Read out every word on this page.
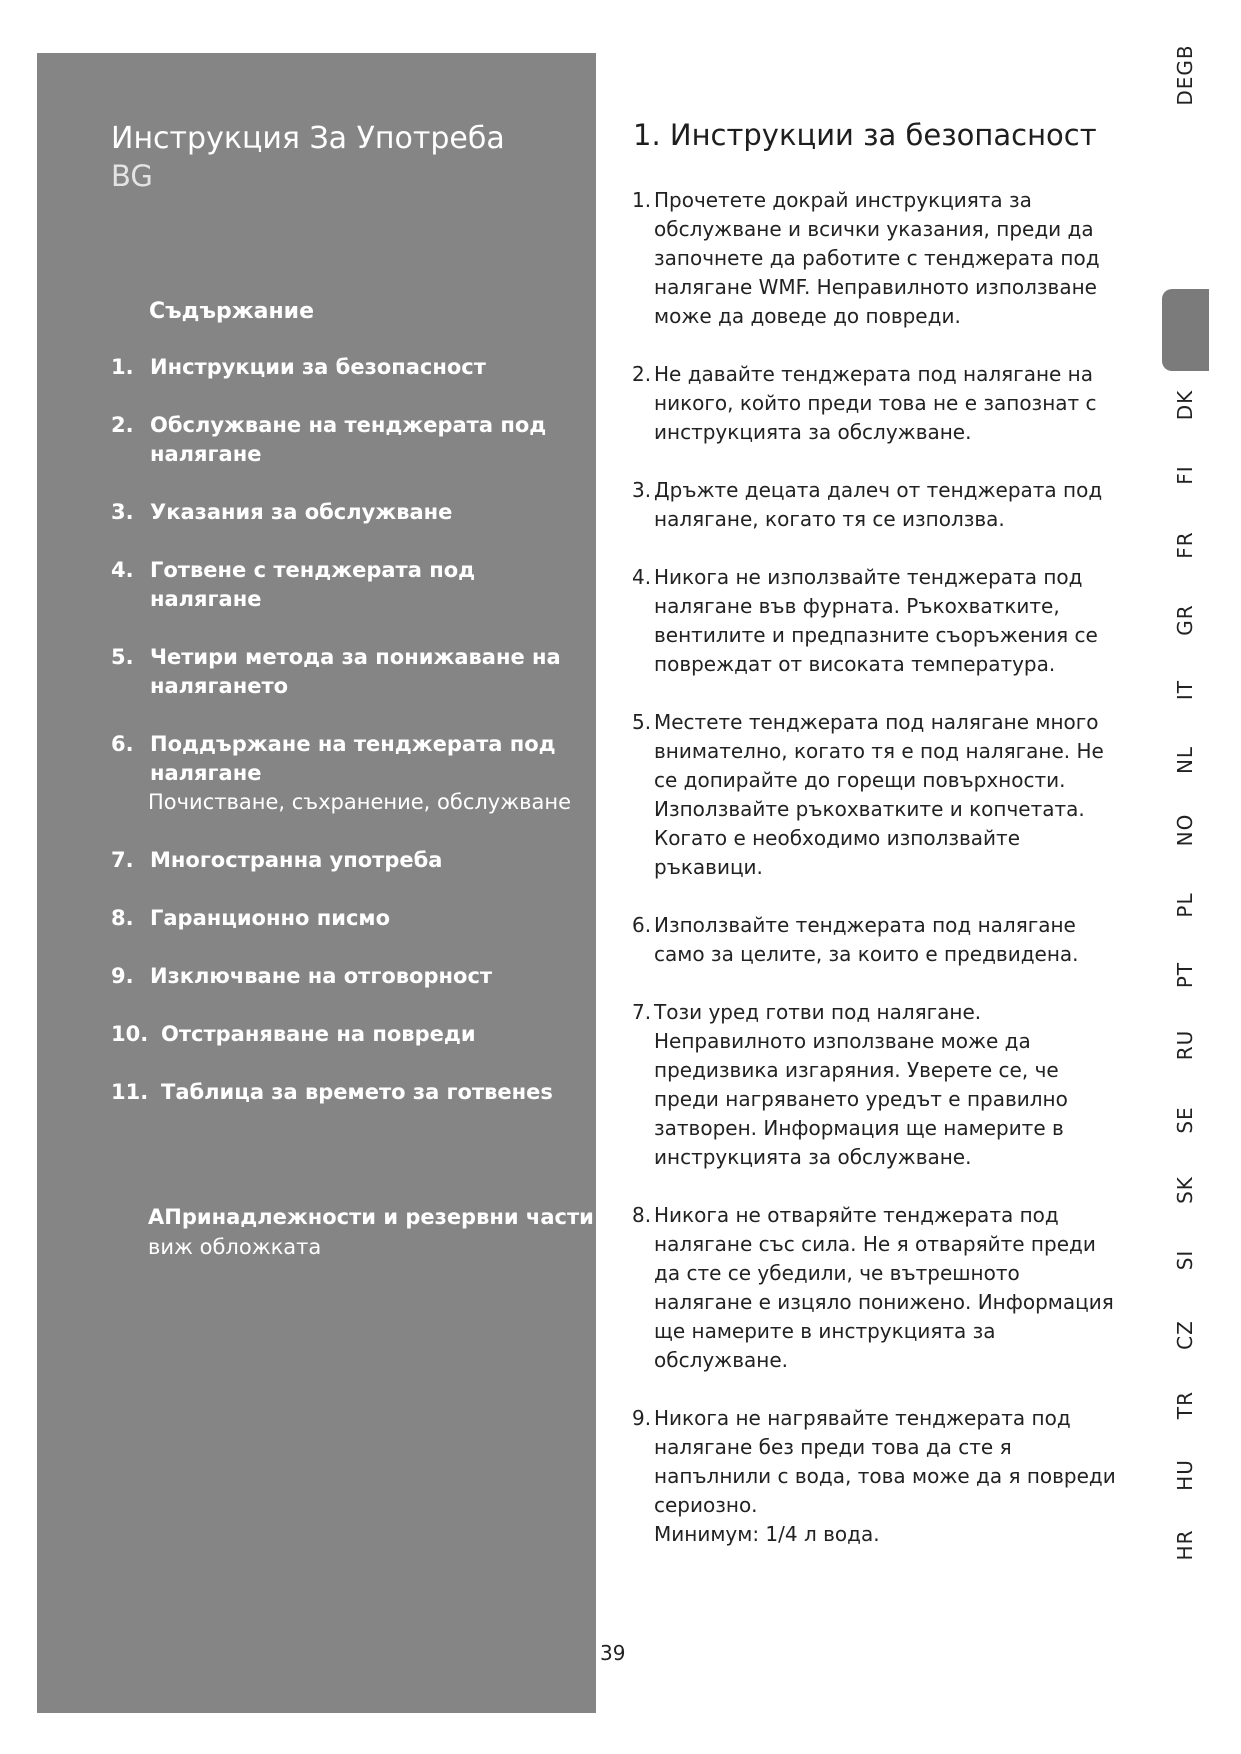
Инструкция За Употреба
BG
Съдържание
1. Инструкции за безопасност
2. Обслужване на тенджерата под налягане
3. Указания за обслужване
4. Готвене с тенджерата под налягане
5. Четири метода за понижаване на налягането
6. Поддържане на тенджерата под налягане
Почистване, съхранение, обслужване
7. Многостранна употреба
8. Гаранционно писмо
9. Изключване на отговорност
10. Отстраняване на повреди
11. Таблица за времето за готвенеs
АПринадлежности и резервни части
виж обложката
39
1. Инструкции за безопасност
1. Прочетете докрай инструкцията за обслужване и всички указания, преди да започнете да работите с тенджерата под налягане WMF. Неправилното използване може да доведе до повреди.
2. Не давайте тенджерата под налягане на никого, който преди това не е запознат с инструкцията за обслужване.
3. Дръжте децата далеч от тенджерата под налягане, когато тя се използва.
4. Никога не използвайте тенджерата под налягане във фурната. Ръкохватките, вентилите и предпазните съоръжения се повреждат от високата температура.
5. Местете тенджерата под налягане много внимателно, когато тя е под налягане. Не се допирайте до горещи повърхности. Използвайте ръкохватките и копчетата. Когато е необходимо използвайте ръкавици.
6. Използвайте тенджерата под налягане само за целите, за които е предвидена.
7. Този уред готви под налягане. Неправилното използване може да предизвика изгаряния. Уверете се, че преди нагряването уредът е правилно затворен. Информация ще намерите в инструкцията за обслужване.
8. Никога не отваряйте тенджерата под налягане със сила. Не я отваряйте преди да сте се убедили, че вътрешното налягане е изцяло понижено. Информация ще намерите в инструкцията за обслужване.
9. Никога не нагрявайте тенджерата под налягане без преди това да сте я напълнили с вода, това може да я повреди сериозно.
Минимум: 1/4 л вода.
DEGB
DK
FI
FR
GR
IT
NL
NO
PL
PT
RU
SE
SK
SI
CZ
TR
HU
HR
